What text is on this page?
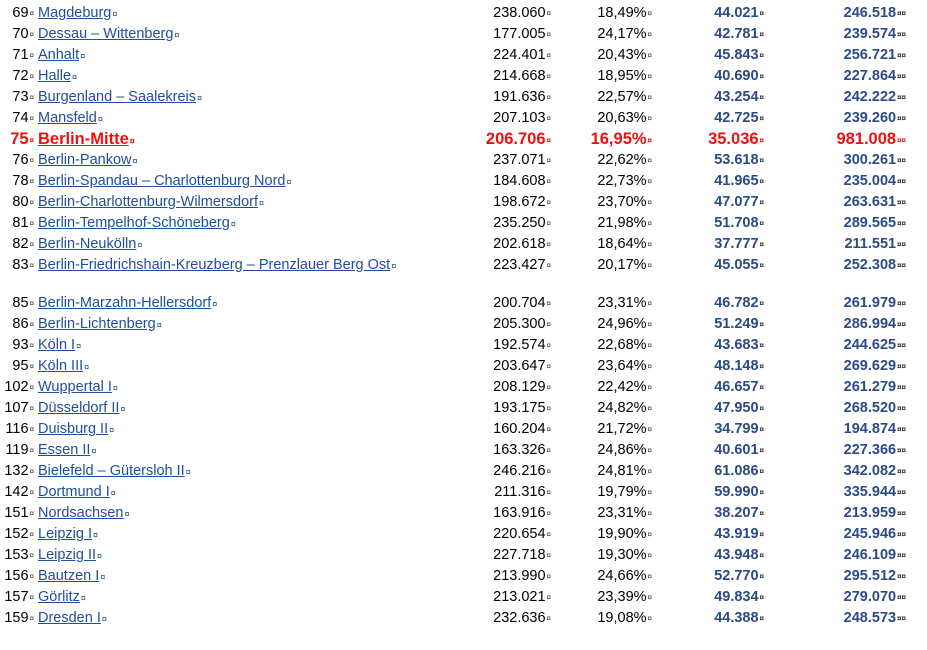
69¤ Magdeburg¤	238.060¤	18,49%¤	44.021¤	246.518¤¤
70¤ Dessau – Wittenberg¤	177.005¤	24,17%¤	42.781¤	239.574¤¤
71¤ Anhalt¤	224.401¤	20,43%¤	45.843¤	256.721¤¤
72¤ Halle¤	214.668¤	18,95%¤	40.690¤	227.864¤¤
73¤ Burgenland – Saalekreis¤	191.636¤	22,57%¤	43.254¤	242.222¤¤
74¤ Mansfeld¤	207.103¤	20,63%¤	42.725¤	239.260¤¤
75¤ Berlin-Mitte¤	206.706¤	16,95%¤	35.036¤	981.008¤¤
76¤ Berlin-Pankow¤	237.071¤	22,62%¤	53.618¤	300.261¤¤
78¤ Berlin-Spandau – Charlottenburg Nord¤	184.608¤	22,73%¤	41.965¤	235.004¤¤
80¤ Berlin-Charlottenburg-Wilmersdorf¤	198.672¤	23,70%¤	47.077¤	263.631¤¤
81¤ Berlin-Tempelhof-Schöneberg¤	235.250¤	21,98%¤	51.708¤	289.565¤¤
82¤ Berlin-Neukölln¤	202.618¤	18,64%¤	37.777¤	211.551¤¤
83¤ Berlin-Friedrichshain-Kreuzberg – Prenzlauer Berg Ost¤	223.427¤	20,17%¤	45.055¤	252.308¤¤
85¤ Berlin-Marzahn-Hellersdorf¤	200.704¤	23,31%¤	46.782¤	261.979¤¤
86¤ Berlin-Lichtenberg¤	205.300¤	24,96%¤	51.249¤	286.994¤¤
93¤ Köln I¤	192.574¤	22,68%¤	43.683¤	244.625¤¤
95¤ Köln III¤	203.647¤	23,64%¤	48.148¤	269.629¤¤
102¤ Wuppertal I¤	208.129¤	22,42%¤	46.657¤	261.279¤¤
107¤ Düsseldorf II¤	193.175¤	24,82%¤	47.950¤	268.520¤¤
116¤ Duisburg II¤	160.204¤	21,72%¤	34.799¤	194.874¤¤
119¤ Essen II¤	163.326¤	24,86%¤	40.601¤	227.366¤¤
132¤ Bielefeld – Gütersloh II¤	246.216¤	24,81%¤	61.086¤	342.082¤¤
142¤ Dortmund I¤	211.316¤	19,79%¤	59.990¤	335.944¤¤
151¤ Nordsachsen¤	163.916¤	23,31%¤	38.207¤	213.959¤¤
152¤ Leipzig I¤	220.654¤	19,90%¤	43.919¤	245.946¤¤
153¤ Leipzig II¤	227.718¤	19,30%¤	43.948¤	246.109¤¤
156¤ Bautzen I¤	213.990¤	24,66%¤	52.770¤	295.512¤¤
157¤ Görlitz¤	213.021¤	23,39%¤	49.834¤	279.070¤¤
159¤ Dresden I¤	232.636¤	19,08%¤	44.388¤	248.573¤¤
